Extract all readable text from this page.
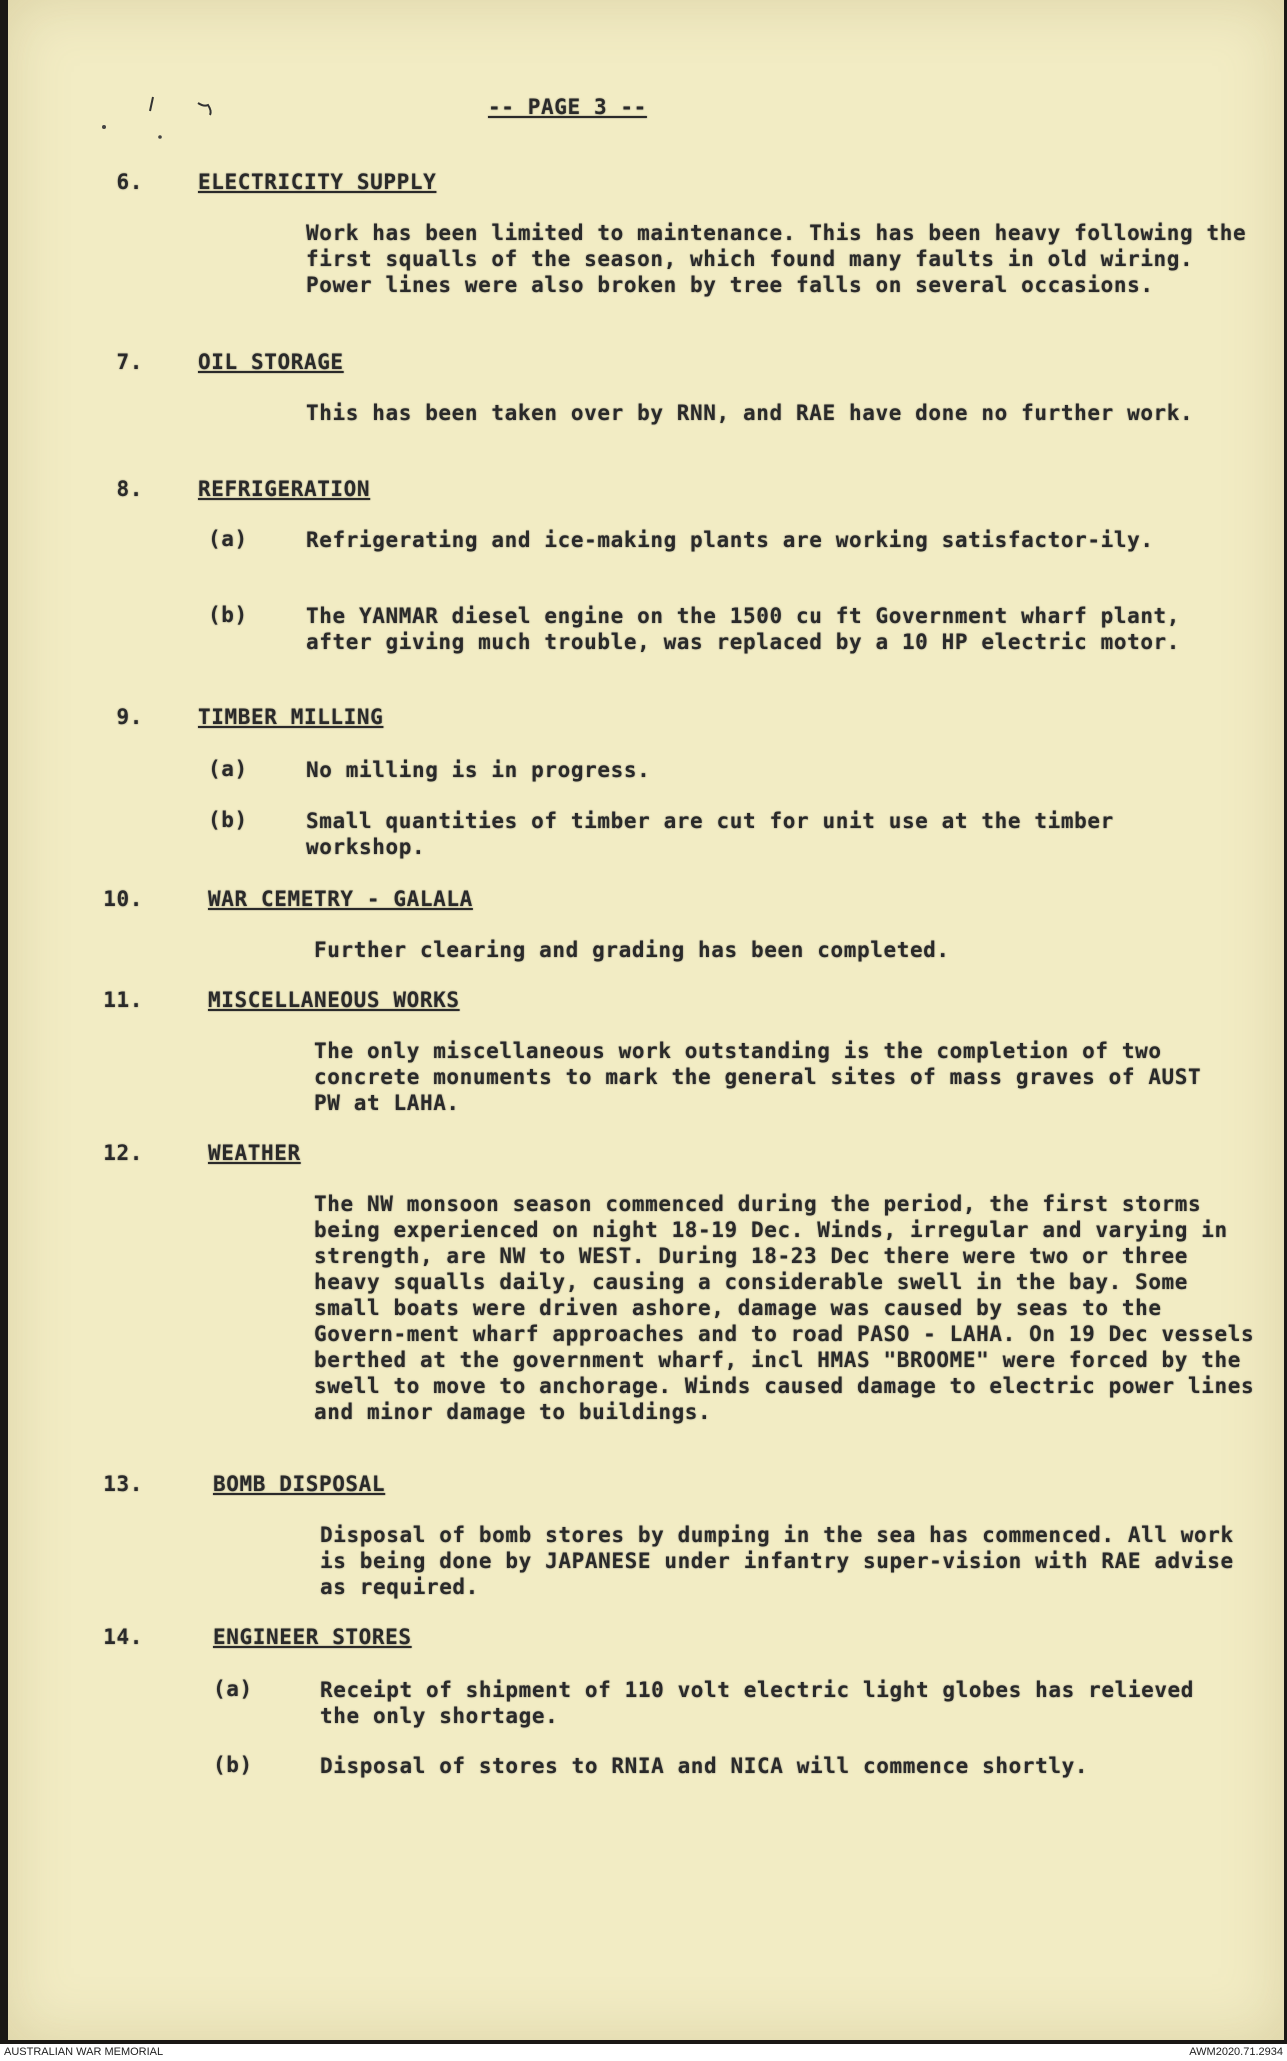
-- PAGE 3 --
6.	ELECTRICITY SUPPLY
Work has been limited to maintenance. This has been heavy following the first squalls of the season, which found many faults in old wiring. Power lines were also broken by tree falls on several occasions.
7.	OIL STORAGE
This has been taken over by RNN, and RAE have done no further work.
8.	REFRIGERATION
(a)	Refrigerating and ice-making plants are working satisfactor-ily.
(b)	The YANMAR diesel engine on the 1500 cu ft Government wharf plant, after giving much trouble, was replaced by a 10 HP electric motor.
9.	TIMBER MILLING
(a)	No milling is in progress.
(b)	Small quantities of timber are cut for unit use at the timber workshop.
10.	WAR CEMETRY - GALALA
Further clearing and grading has been completed.
11.	MISCELLANEOUS WORKS
The only miscellaneous work outstanding is the completion of two concrete monuments to mark the general sites of mass graves of AUST PW at LAHA.
12.	WEATHER
The NW monsoon season commenced during the period, the first storms being experienced on night 18-19 Dec. Winds, irregular and varying in strength, are NW to WEST. During 18-23 Dec there were two or three heavy squalls daily, causing a considerable swell in the bay. Some small boats were driven ashore, damage was caused by seas to the Govern-ment wharf approaches and to road PASO - LAHA. On 19 Dec vessels berthed at the government wharf, incl HMAS "BROOME" were forced by the swell to move to anchorage. Winds caused damage to electric power lines and minor damage to buildings.
13.	BOMB DISPOSAL
Disposal of bomb stores by dumping in the sea has commenced. All work is being done by JAPANESE under infantry super-vision with RAE advise as required.
14.	ENGINEER STORES
(a)	Receipt of shipment of 110 volt electric light globes has relieved the only shortage.
(b)	Disposal of stores to RNIA and NICA will commence shortly.
AUSTRALIAN WAR MEMORIAL	AWM2020.71.2934
